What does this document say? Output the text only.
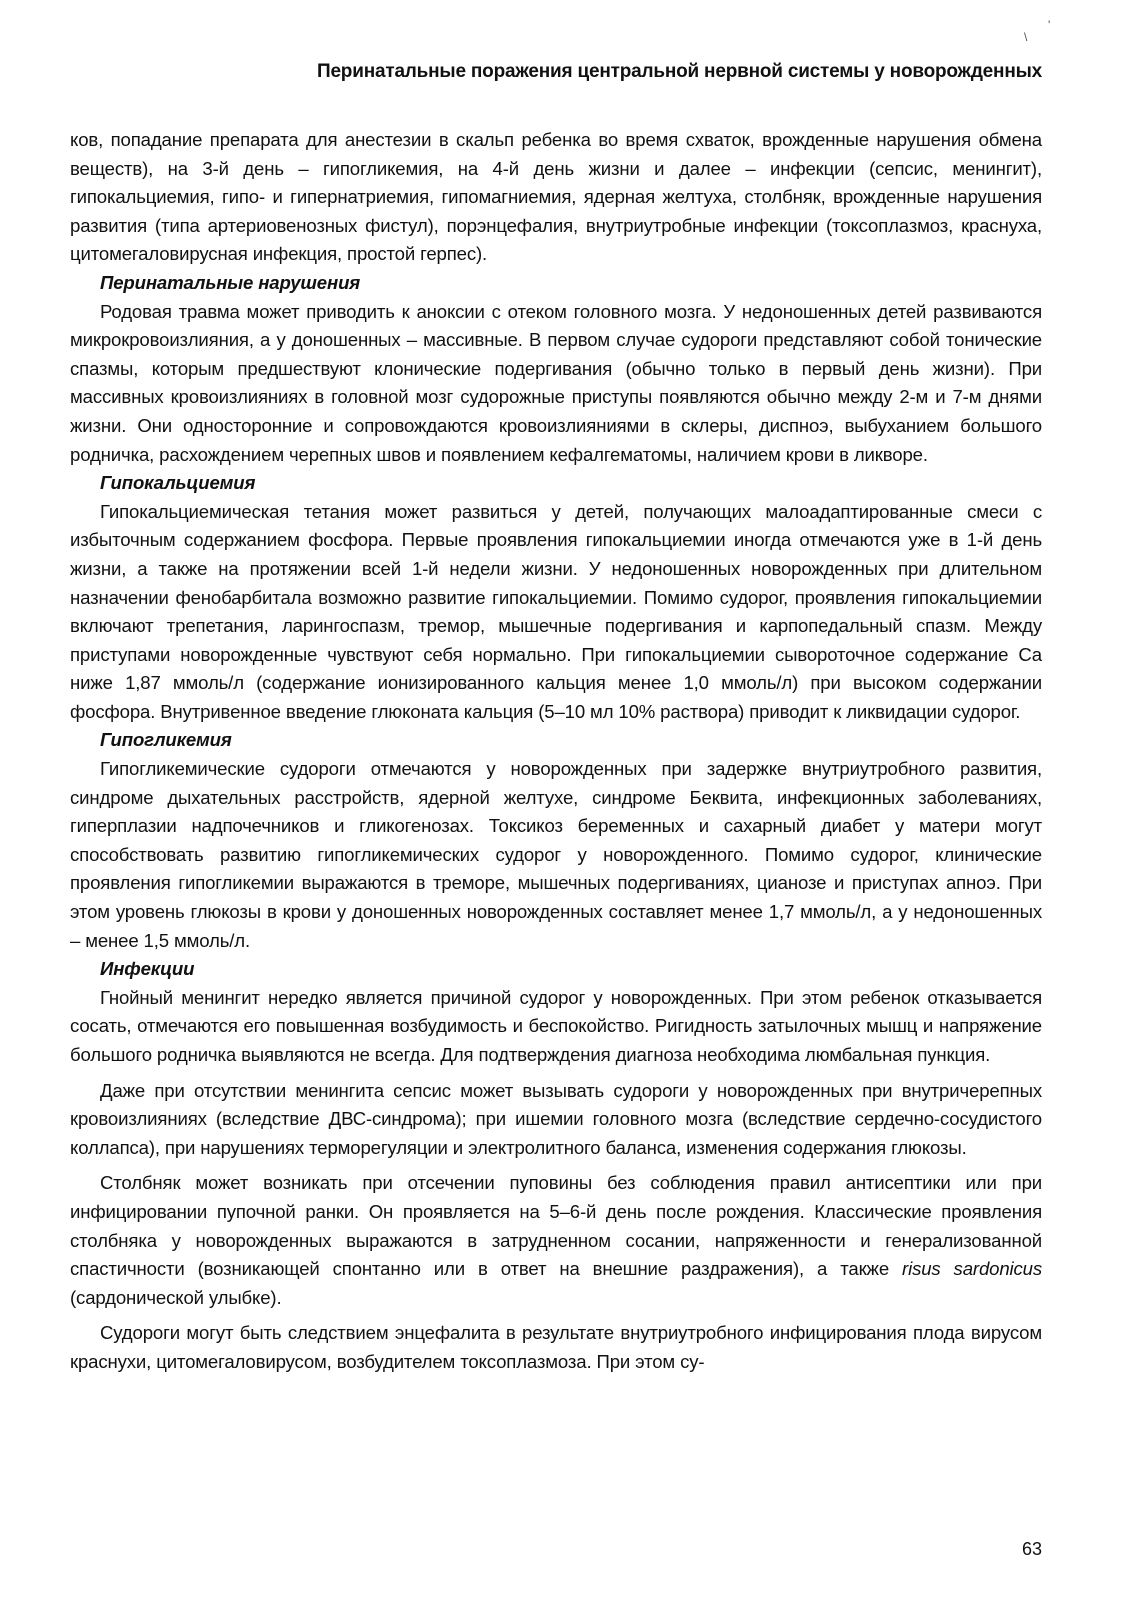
Перинатальные поражения центральной нервной системы у новорожденных
\
'

ков, попадание препарата для анестезии в скальп ребенка во время схваток, врожденные нарушения обмена веществ), на 3-й день – гипогликемия, на 4-й день жизни и далее – инфекции (сепсис, менингит), гипокальциемия, гипо- и гипернатриемия, гипомагниемия, ядерная желтуха, столбняк, врожденные нарушения развития (типа артериовенозных фистул), порэнцефалия, внутриутробные инфекции (токсоплазмоз, краснуха, цитомегаловирусная инфекция, простой герпес).

Перинатальные нарушения

Родовая травма может приводить к аноксии с отеком головного мозга. У недоношенных детей развиваются микрокровоизлияния, а у доношенных – массивные. В первом случае судороги представляют собой тонические спазмы, которым предшествуют клонические подергивания (обычно только в первый день жизни). При массивных кровоизлияниях в головной мозг судорожные приступы появляются обычно между 2-м и 7-м днями жизни. Они односторонние и сопровождаются кровоизлияниями в склеры, диспноэ, выбуханием большого родничка, расхождением черепных швов и появлением кефалгематомы, наличием крови в ликворе.

Гипокальциемия

Гипокальциемическая тетания может развиться у детей, получающих малоадаптированные смеси с избыточным содержанием фосфора. Первые проявления гипокальциемии иногда отмечаются уже в 1-й день жизни, а также на протяжении всей 1-й недели жизни. У недоношенных новорожденных при длительном назначении фенобарбитала возможно развитие гипокальциемии. Помимо судорог, проявления гипокальциемии включают трепетания, ларингоспазм, тремор, мышечные подергивания и карпопедальный спазм. Между приступами новорожденные чувствуют себя нормально. При гипокальциемии сывороточное содержание Са ниже 1,87 ммоль/л (содержание ионизированного кальция менее 1,0 ммоль/л) при высоком содержании фосфора. Внутривенное введение глюконата кальция (5–10 мл 10% раствора) приводит к ликвидации судорог.

Гипогликемия

Гипогликемические судороги отмечаются у новорожденных при задержке внутриутробного развития, синдроме дыхательных расстройств, ядерной желтухе, синдроме Беквита, инфекционных заболеваниях, гиперплазии надпочечников и гликогенозах. Токсикоз беременных и сахарный диабет у матери могут способствовать развитию гипогликемических судорог у новорожденного. Помимо судорог, клинические проявления гипогликемии выражаются в треморе, мышечных подергиваниях, цианозе и приступах апноэ. При этом уровень глюкозы в крови у доношенных новорожденных составляет менее 1,7 ммоль/л, а у недоношенных – менее 1,5 ммоль/л.

Инфекции

Гнойный менингит нередко является причиной судорог у новорожденных. При этом ребенок отказывается сосать, отмечаются его повышенная возбудимость и беспокойство. Ригидность затылочных мышц и напряжение большого родничка выявляются не всегда. Для подтверждения диагноза необходима люмбальная пункция.

Даже при отсутствии менингита сепсис может вызывать судороги у новорожденных при внутричерепных кровоизлияниях (вследствие ДВС-синдрома); при ишемии головного мозга (вследствие сердечно-сосудистого коллапса), при нарушениях терморегуляции и электролитного баланса, изменения содержания глюкозы.

Столбняк может возникать при отсечении пуповины без соблюдения правил антисептики или при инфицировании пупочной ранки. Он проявляется на 5–6-й день после рождения. Классические проявления столбняка у новорожденных выражаются в затрудненном сосании, напряженности и генерализованной спастичности (возникающей спонтанно или в ответ на внешние раздражения), а также risus sardonicus (сардонической улыбке).

Судороги могут быть следствием энцефалита в результате внутриутробного инфицирования плода вирусом краснухи, цитомегаловирусом, возбудителем токсоплазмоза. При этом су-

63
